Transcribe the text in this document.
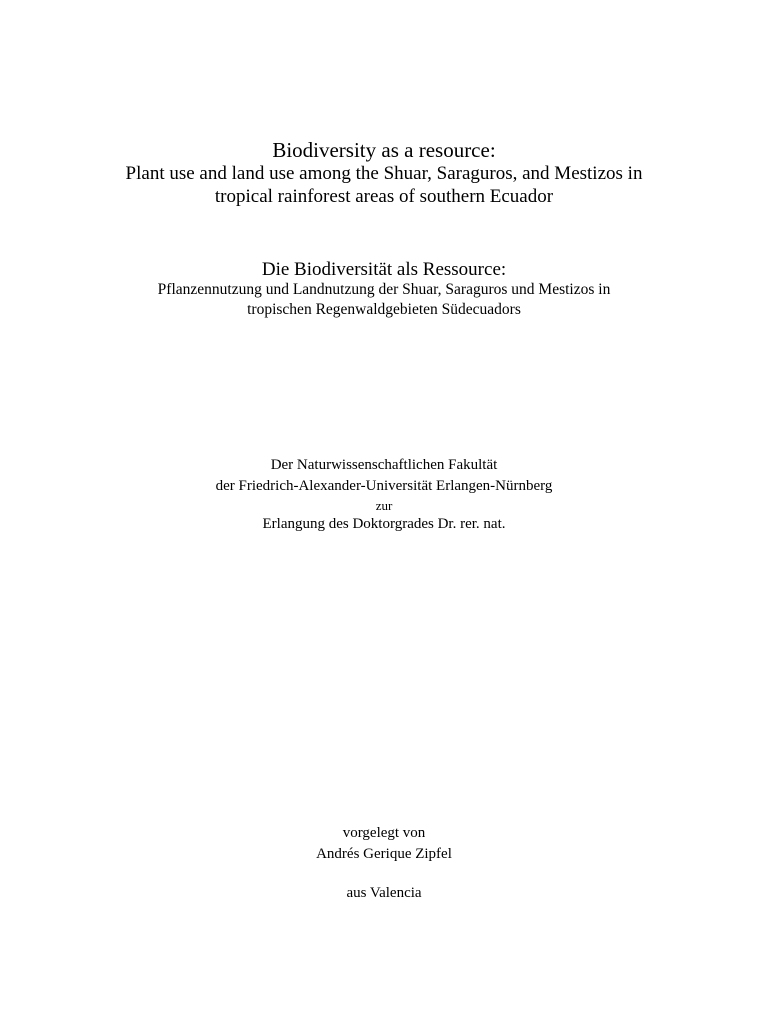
Biodiversity as a resource:
Plant use and land use among the Shuar, Saraguros, and Mestizos in
tropical rainforest areas of southern Ecuador
Die Biodiversität als Ressource:
Pflanzennutzung und Landnutzung der Shuar, Saraguros und Mestizos in
tropischen Regenwaldgebieten Südecuadors
Der Naturwissenschaftlichen Fakultät
der Friedrich-Alexander-Universität Erlangen-Nürnberg
zur
Erlangung des Doktorgrades Dr. rer. nat.
vorgelegt von
Andrés Gerique Zipfel
aus Valencia
